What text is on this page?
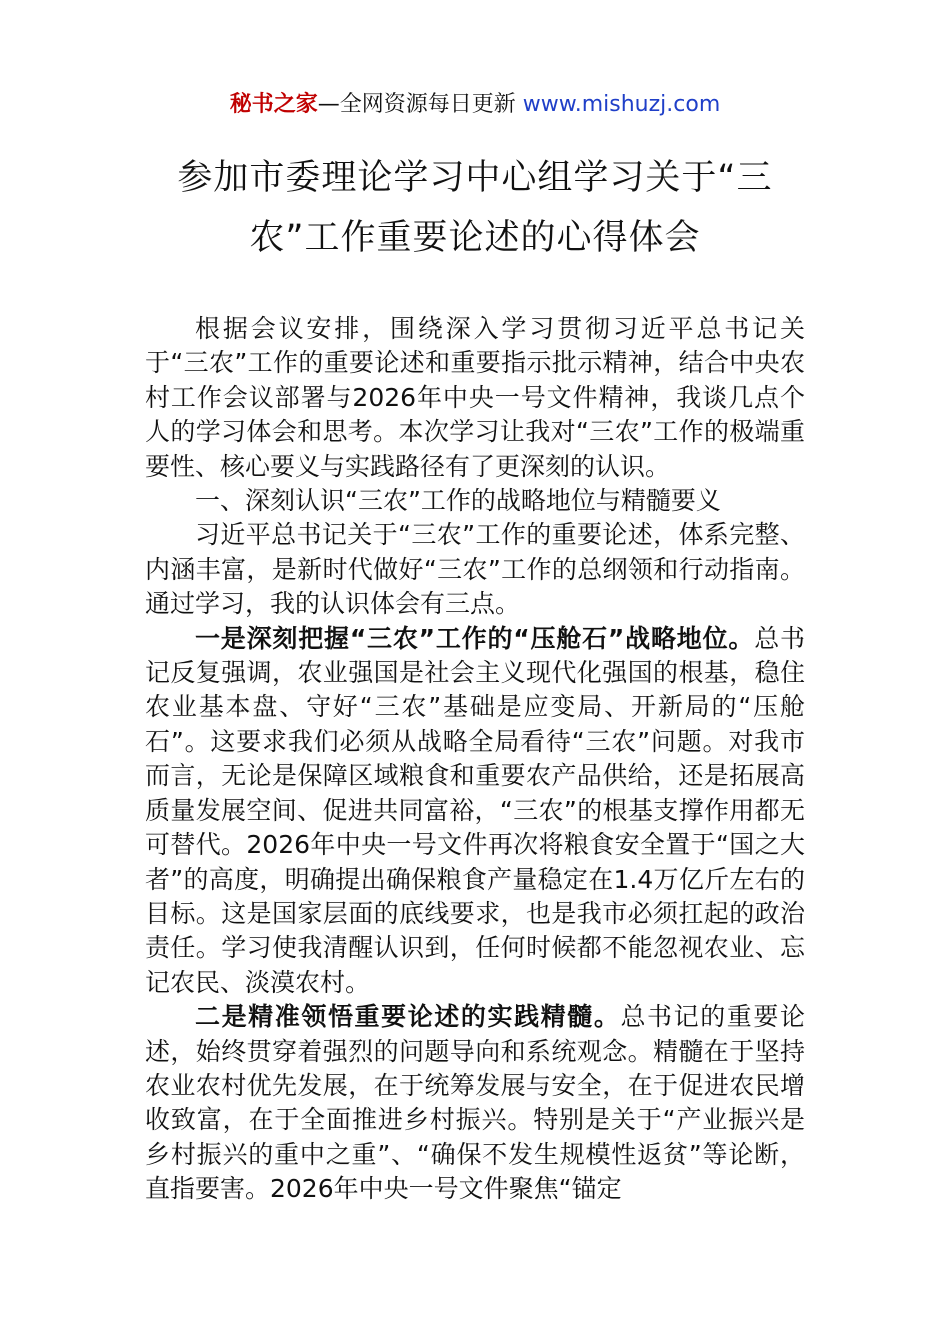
秘书之家—全网资源每日更新 www.mishuzj.com
参加市委理论学习中心组学习关于“三农”工作重要论述的心得体会

根据会议安排，围绕深入学习贯彻习近平总书记关于“三农”工作的重要论述和重要指示批示精神，结合中央农村工作会议部署与2026年中央一号文件精神，我谈几点个人的学习体会和思考。本次学习让我对“三农”工作的极端重要性、核心要义与实践路径有了更深刻的认识。

一、深刻认识“三农”工作的战略地位与精髓要义

习近平总书记关于“三农”工作的重要论述，体系完整、内涵丰富，是新时代做好“三农”工作的总纲领和行动指南。通过学习，我的认识体会有三点。

一是深刻把握“三农”工作的“压舱石”战略地位。总书记反复强调，农业强国是社会主义现代化强国的根基，稳住农业基本盘、守好“三农”基础是应变局、开新局的“压舱石”。这要求我们必须从战略全局看待“三农”问题。对我市而言，无论是保障区域粮食和重要农产品供给，还是拓展高质量发展空间、促进共同富裕，“三农”的根基支撑作用都无可替代。2026年中央一号文件再次将粮食安全置于“国之大者”的高度，明确提出确保粮食产量稳定在1.4万亿斤左右的目标。这是国家层面的底线要求，也是我市必须扛起的政治责任。学习使我清醒认识到，任何时候都不能忽视农业、忘记农民、淡漠农村。

二是精准领悟重要论述的实践精髓。总书记的重要论述，始终贯穿着强烈的问题导向和系统观念。精髓在于坚持农业农村优先发展，在于统筹发展与安全，在于促进农民增收致富，在于全面推进乡村振兴。特别是关于“产业振兴是乡村振兴的重中之重”、“确保不发生规模性返贫”等论断，直指要害。2026年中央一号文件聚焦“锚定
